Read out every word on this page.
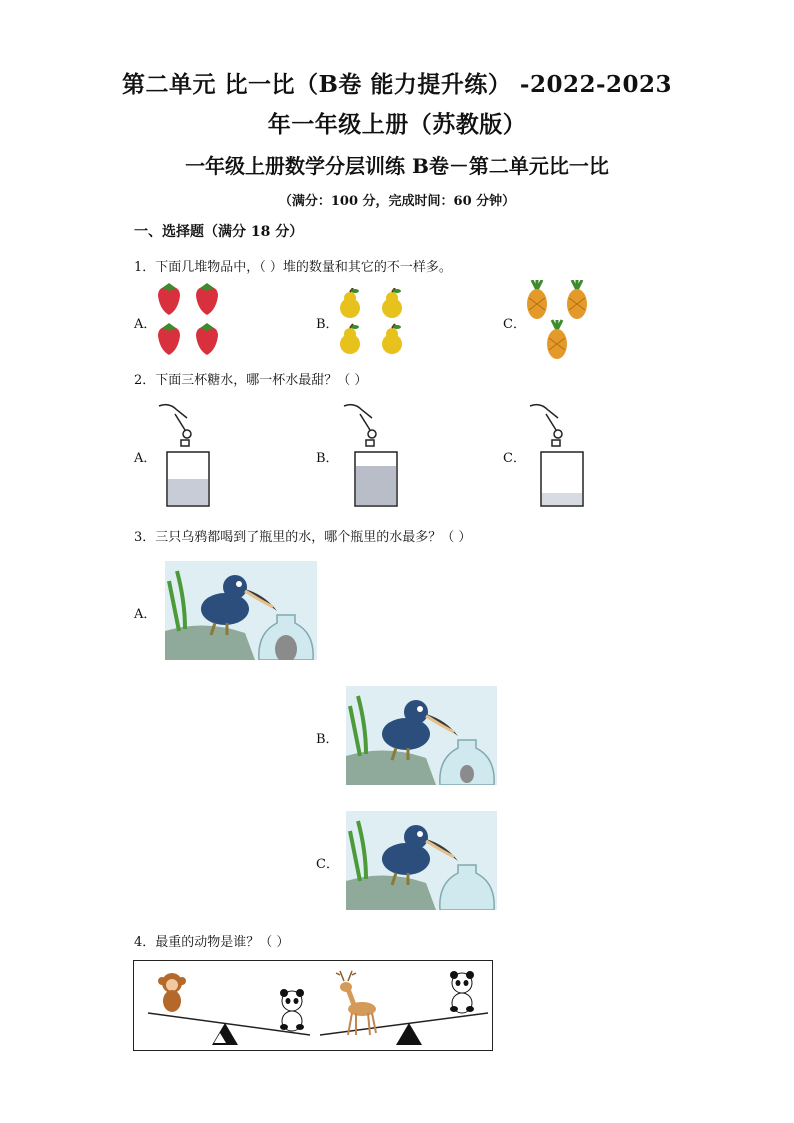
第二单元 比一比（B卷 能力提升练） -2022-2023
年一年级上册（苏教版）
一年级上册数学分层训练 B卷－第二单元比一比
（满分：100 分，完成时间：60 分钟）
一、选择题（满分 18 分）
1．下面几堆物品中，（ ）堆的数量和其它的不一样多。
A．	B．	C．
2．下面三杯糖水，哪一杯水最甜？（ ）
A．	B．	C．
3．三只乌鸦都喝到了瓶里的水，哪个瓶里的水最多？（ ）
A．
B．
C．
4．最重的动物是谁？（ ）
